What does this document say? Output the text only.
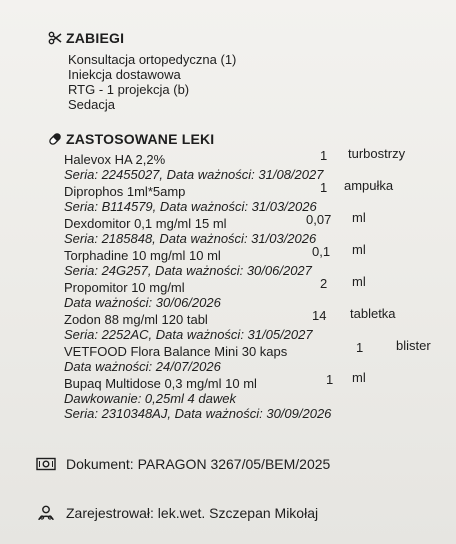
ZABIEGI
Konsultacja ortopedyczna (1)
Iniekcja dostawowa
RTG - 1 projekcja (b)
Sedacja
ZASTOSOWANE LEKI
Halevox HA 2,2%	1 turbostrzy
Seria: 22455027, Data ważności: 31/08/2027
Diprophos 1ml*5amp	1 ampułka
Seria: B114579, Data ważności: 31/03/2026
Dexdomitor 0,1 mg/ml 15 ml	0,07 ml
Seria: 2185848, Data ważności: 31/03/2026
Torphadine 10 mg/ml 10 ml	0,1 ml
Seria: 24G257, Data ważności: 30/06/2027
Propomitor 10 mg/ml	2 ml
Data ważności: 30/06/2026
Zodon 88 mg/ml 120 tabl	14 tabletka
Seria: 2252AC, Data ważności: 31/05/2027
VETFOOD Flora Balance Mini 30 kaps	1	blister
Data ważności: 24/07/2026
Bupaq Multidose 0,3 mg/ml 10 ml	1 ml
Dawkowanie: 0,25ml 4 dawek
Seria: 2310348AJ, Data ważności: 30/09/2026
Dokument: PARAGON 3267/05/BEM/2025
Zarejestrował: lek.wet. Szczepan Mikołaj
